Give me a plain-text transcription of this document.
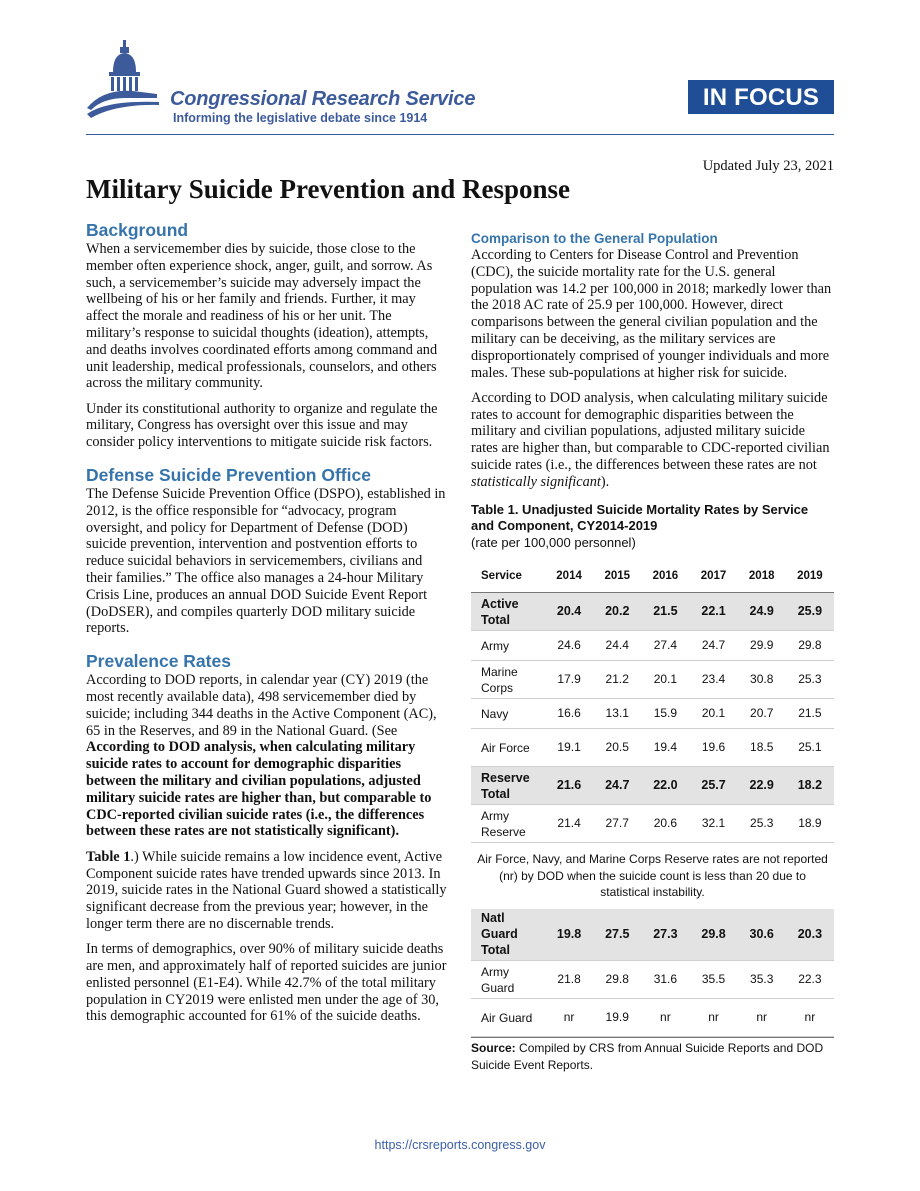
Congressional Research Service
Informing the legislative debate since 1914
IN FOCUS
Updated July 23, 2021
Military Suicide Prevention and Response
Background

When a servicemember dies by suicide, those close to the member often experience shock, anger, guilt, and sorrow. As such, a servicemember’s suicide may adversely impact the wellbeing of his or her family and friends. Further, it may affect the morale and readiness of his or her unit. The military’s response to suicidal thoughts (ideation), attempts, and deaths involves coordinated efforts among command and unit leadership, medical professionals, counselors, and others across the military community.

Under its constitutional authority to organize and regulate the military, Congress has oversight over this issue and may consider policy interventions to mitigate suicide risk factors.

Defense Suicide Prevention Office

The Defense Suicide Prevention Office (DSPO), established in 2012, is the office responsible for “advocacy, program oversight, and policy for Department of Defense (DOD) suicide prevention, intervention and postvention efforts to reduce suicidal behaviors in servicemembers, civilians and their families.” The office also manages a 24-hour Military Crisis Line, produces an annual DOD Suicide Event Report (DoDSER), and compiles quarterly DOD military suicide reports.

Prevalence Rates

According to DOD reports, in calendar year (CY) 2019 (the most recently available data), 498 servicemember died by suicide; including 344 deaths in the Active Component (AC), 65 in the Reserves, and 89 in the National Guard. (See According to DOD analysis, when calculating military suicide rates to account for demographic disparities between the military and civilian populations, adjusted military suicide rates are higher than, but comparable to CDC-reported civilian suicide rates (i.e., the differences between these rates are not statistically significant).

Table 1.) While suicide remains a low incidence event, Active Component suicide rates have trended upwards since 2013. In 2019, suicide rates in the National Guard showed a statistically significant decrease from the previous year; however, in the longer term there are no discernable trends.

In terms of demographics, over 90% of military suicide deaths are men, and approximately half of reported suicides are junior enlisted personnel (E1-E4). While 42.7% of the total military population in CY2019 were enlisted men under the age of 30, this demographic accounted for 61% of the suicide deaths.

Comparison to the General Population

According to Centers for Disease Control and Prevention (CDC), the suicide mortality rate for the U.S. general population was 14.2 per 100,000 in 2018; markedly lower than the 2018 AC rate of 25.9 per 100,000. However, direct comparisons between the general civilian population and the military can be deceiving, as the military services are disproportionately comprised of younger individuals and more males. These sub-populations at higher risk for suicide.

According to DOD analysis, when calculating military suicide rates to account for demographic disparities between the military and civilian populations, adjusted military suicide rates are higher than, but comparable to CDC-reported civilian suicide rates (i.e., the differences between these rates are not statistically significant).

Table 1. Unadjusted Suicide Mortality Rates by Service and Component, CY2014-2019
(rate per 100,000 personnel)
Service	2014	2015	2016	2017	2018	2019
Active Total	20.4	20.2	21.5	22.1	24.9	25.9
Army	24.6	24.4	27.4	24.7	29.9	29.8
Marine Corps	17.9	21.2	20.1	23.4	30.8	25.3
Navy	16.6	13.1	15.9	20.1	20.7	21.5
Air Force	19.1	20.5	19.4	19.6	18.5	25.1
Reserve Total	21.6	24.7	22.0	25.7	22.9	18.2
Army Reserve	21.4	27.7	20.6	32.1	25.3	18.9
Air Force, Navy, and Marine Corps Reserve rates are not reported (nr) by DOD when the suicide count is less than 20 due to statistical instability.
Natl Guard Total	19.8	27.5	27.3	29.8	30.6	20.3
Army Guard	21.8	29.8	31.6	35.5	35.3	22.3
Air Guard	nr	19.9	nr	nr	nr	nr
Source: Compiled by CRS from Annual Suicide Reports and DOD Suicide Event Reports.
https://crsreports.congress.gov
